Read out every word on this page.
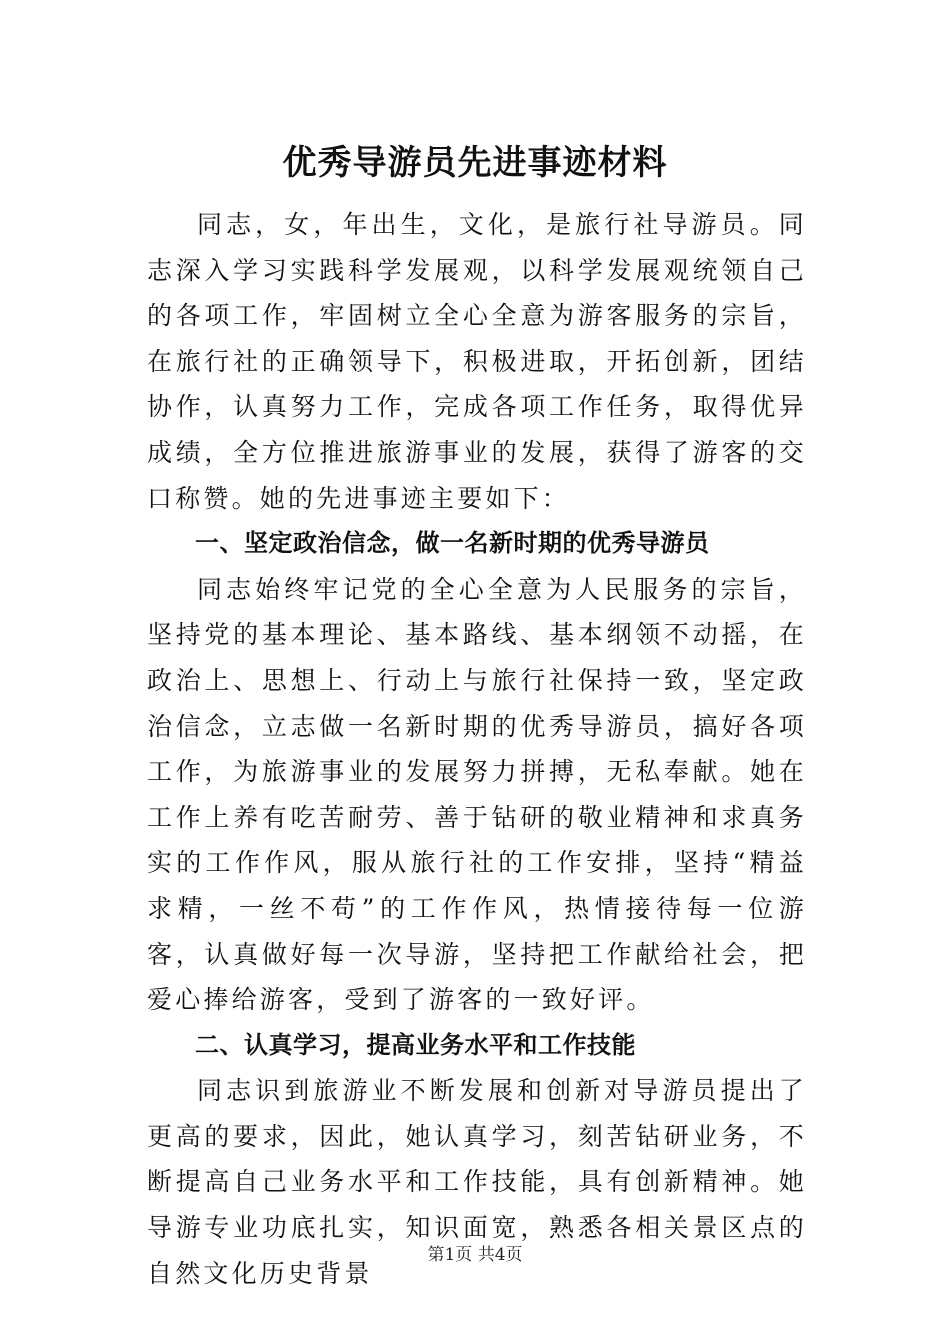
优秀导游员先进事迹材料

同志，女，年出生，文化，是旅行社导游员。同志深入学习实践科学发展观，以科学发展观统领自己的各项工作，牢固树立全心全意为游客服务的宗旨，在旅行社的正确领导下，积极进取，开拓创新，团结协作，认真努力工作，完成各项工作任务，取得优异成绩，全方位推进旅游事业的发展，获得了游客的交口称赞。她的先进事迹主要如下：

一、坚定政治信念，做一名新时期的优秀导游员

同志始终牢记党的全心全意为人民服务的宗旨，坚持党的基本理论、基本路线、基本纲领不动摇，在政治上、思想上、行动上与旅行社保持一致，坚定政治信念，立志做一名新时期的优秀导游员，搞好各项工作，为旅游事业的发展努力拼搏，无私奉献。她在工作上养有吃苦耐劳、善于钻研的敬业精神和求真务实的工作作风，服从旅行社的工作安排，坚持“精益求精，一丝不苟”的工作作风，热情接待每一位游客，认真做好每一次导游，坚持把工作献给社会，把爱心捧给游客，受到了游客的一致好评。

二、认真学习，提高业务水平和工作技能

同志识到旅游业不断发展和创新对导游员提出了更高的要求，因此，她认真学习，刻苦钻研业务，不断提高自己业务水平和工作技能，具有创新精神。她导游专业功底扎实，知识面宽，熟悉各相关景区点的自然文化历史背景

第1页 共4页
